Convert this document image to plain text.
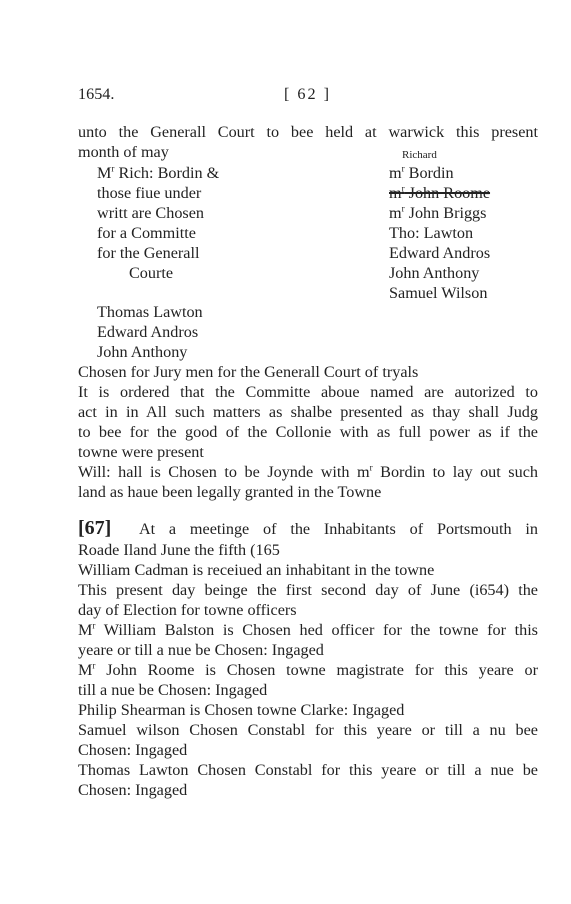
1654.	[ 62 ]
unto the Generall Court to bee held at warwick this present
month of may
$M^r$ Rich: Bordin &
those fiue under
writt are Chosen
for a Committe
for the Generall
Courte
Richard
$m^r$ Bordin
$m^r$ John Roome
$m^r$ John Briggs
Tho: Lawton
Edward Andros
John Anthony
Samuel Wilson
Thomas Lawton
Edward Andros
John Anthony
Chosen for Jury men for the Generall Court of tryals
It is ordered that the Committe aboue named are autorized to
act in in All such matters as shalbe presented as thay shall Judg
to bee for the good of the Collonie with as full power as if the
towne were present
Will: hall is Chosen to be Joynde with $m^r$ Bordin to lay out such
land as haue been legally granted in the Towne
[67] At a meetinge of the Inhabitants of Portsmouth in
Roade Iland June the fifth (165
William Cadman is receiued an inhabitant in the towne
This present day beinge the first second day of June (i654) the
day of Election for towne officers
$M^r$ William Balston is Chosen hed officer for the towne for this
yeare or till a nue be Chosen: Ingaged
$M^r$ John Roome is Chosen towne magistrate for this yeare or
till a nue be Chosen: Ingaged
Philip Shearman is Chosen towne Clarke: Ingaged
Samuel wilson Chosen Constabl for this yeare or till a nu bee
Chosen: Ingaged
Thomas Lawton Chosen Constabl for this yeare or till a nue be
Chosen: Ingaged
